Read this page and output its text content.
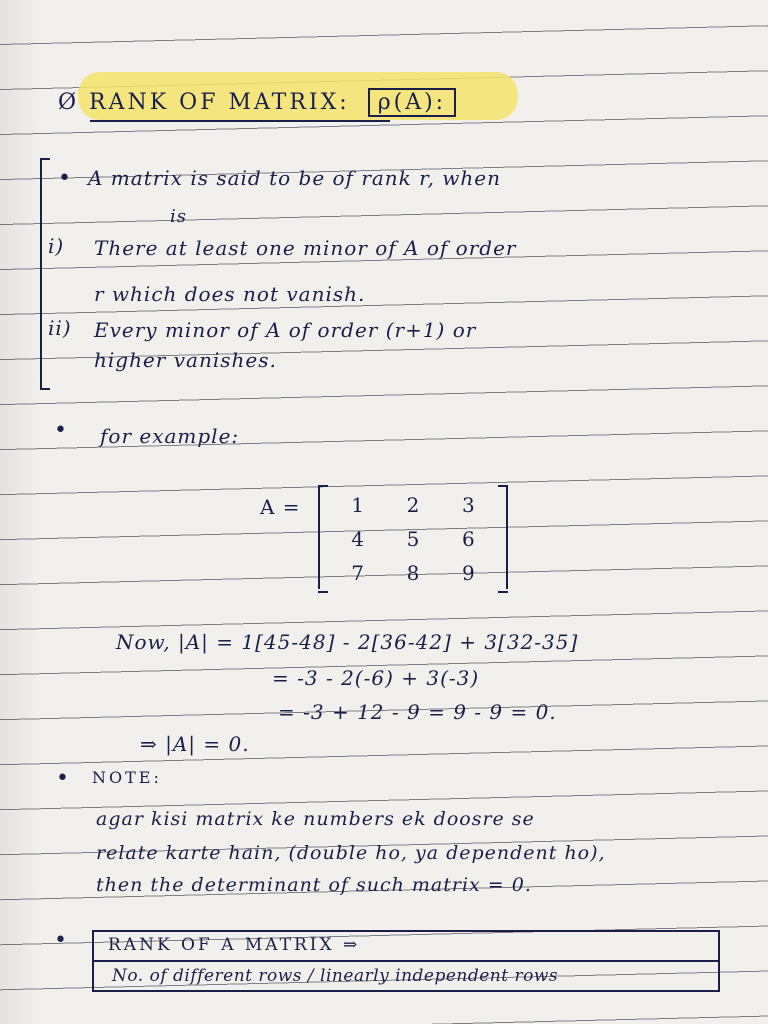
Ø RANK OF MATRIX: ρ(A):
• A matrix is said to be of rank r, when
is
i) There at least one minor of A of order
r which does not vanish.
ii) Every minor of A of order (r+1) or
higher vanishes.
• for example:
A =	1	2	3
4	5	6
7	8	9
Now, |A| = 1[45-48] - 2[36-42] + 3[32-35]
= -3 - 2(-6) + 3(-3)
= -3 + 12 - 9 = 9 - 9 = 0.
⇒ |A| = 0.
• NOTE:
agar kisi matrix ke numbers ek doosre se
relate karte hain, (double ho, ya dependent ho),
then the determinant of such matrix = 0.
• RANK OF A MATRIX ⇒
No. of different rows / linearly independent rows
